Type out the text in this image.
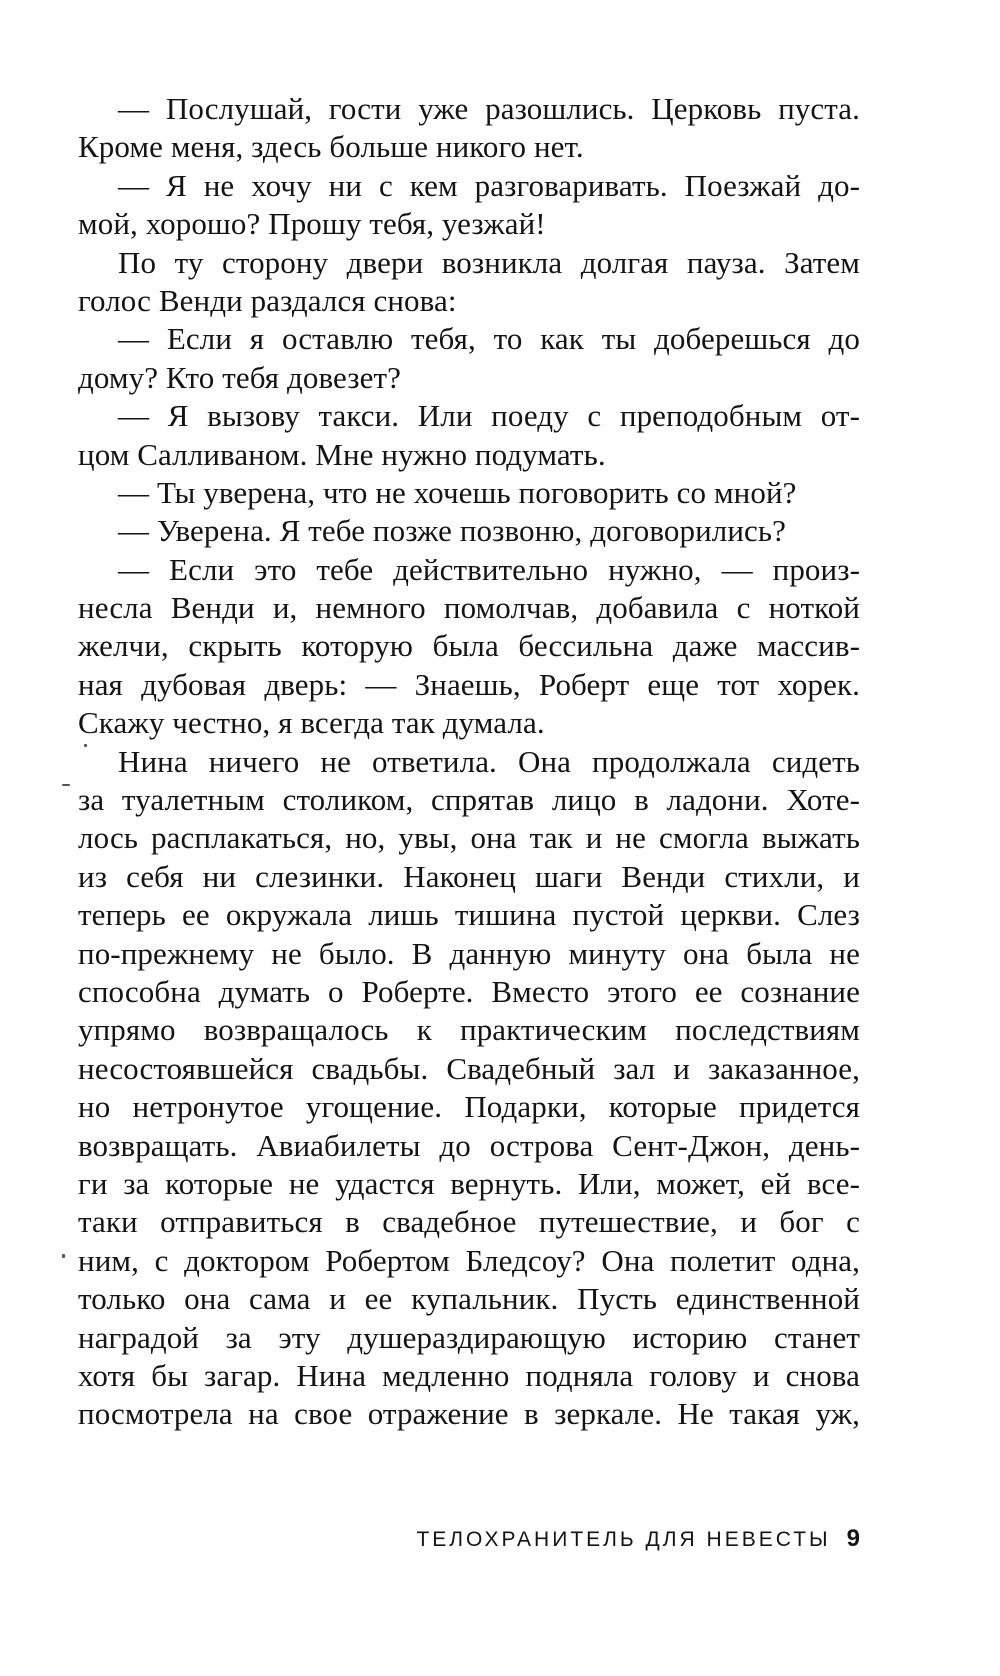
— Послушай, гости уже разошлись. Церковь пуста.
Кроме меня, здесь больше никого нет.
— Я не хочу ни с кем разговаривать. Поезжай до-
мой, хорошо? Прошу тебя, уезжай!
По ту сторону двери возникла долгая пауза. Затем
голос Венди раздался снова:
— Если я оставлю тебя, то как ты доберешься до
дому? Кто тебя довезет?
— Я вызову такси. Или поеду с преподобным от-
цом Салливаном. Мне нужно подумать.
— Ты уверена, что не хочешь поговорить со мной?
— Уверена. Я тебе позже позвоню, договорились?
— Если это тебе действительно нужно, — произ-
несла Венди и, немного помолчав, добавила с ноткой
желчи, скрыть которую была бессильна даже массив-
ная дубовая дверь: — Знаешь, Роберт еще тот хорек.
Скажу честно, я всегда так думала.
Нина ничего не ответила. Она продолжала сидеть
за туалетным столиком, спрятав лицо в ладони. Хоте-
лось расплакаться, но, увы, она так и не смогла выжать
из себя ни слезинки. Наконец шаги Венди стихли, и
теперь ее окружала лишь тишина пустой церкви. Слез
по-прежнему не было. В данную минуту она была не
способна думать о Роберте. Вместо этого ее сознание
упрямо возвращалось к практическим последствиям
несостоявшейся свадьбы. Свадебный зал и заказанное,
но нетронутое угощение. Подарки, которые придется
возвращать. Авиабилеты до острова Сент-Джон, день-
ги за которые не удастся вернуть. Или, может, ей все-
таки отправиться в свадебное путешествие, и бог с
ним, с доктором Робертом Бледсоу? Она полетит одна,
только она сама и ее купальник. Пусть единственной
наградой за эту душераздирающую историю станет
хотя бы загар. Нина медленно подняла голову и снова
посмотрела на свое отражение в зеркале. Не такая уж,
ТЕЛОХРАНИТЕЛЬ ДЛЯ НЕВЕСТЫ 9
